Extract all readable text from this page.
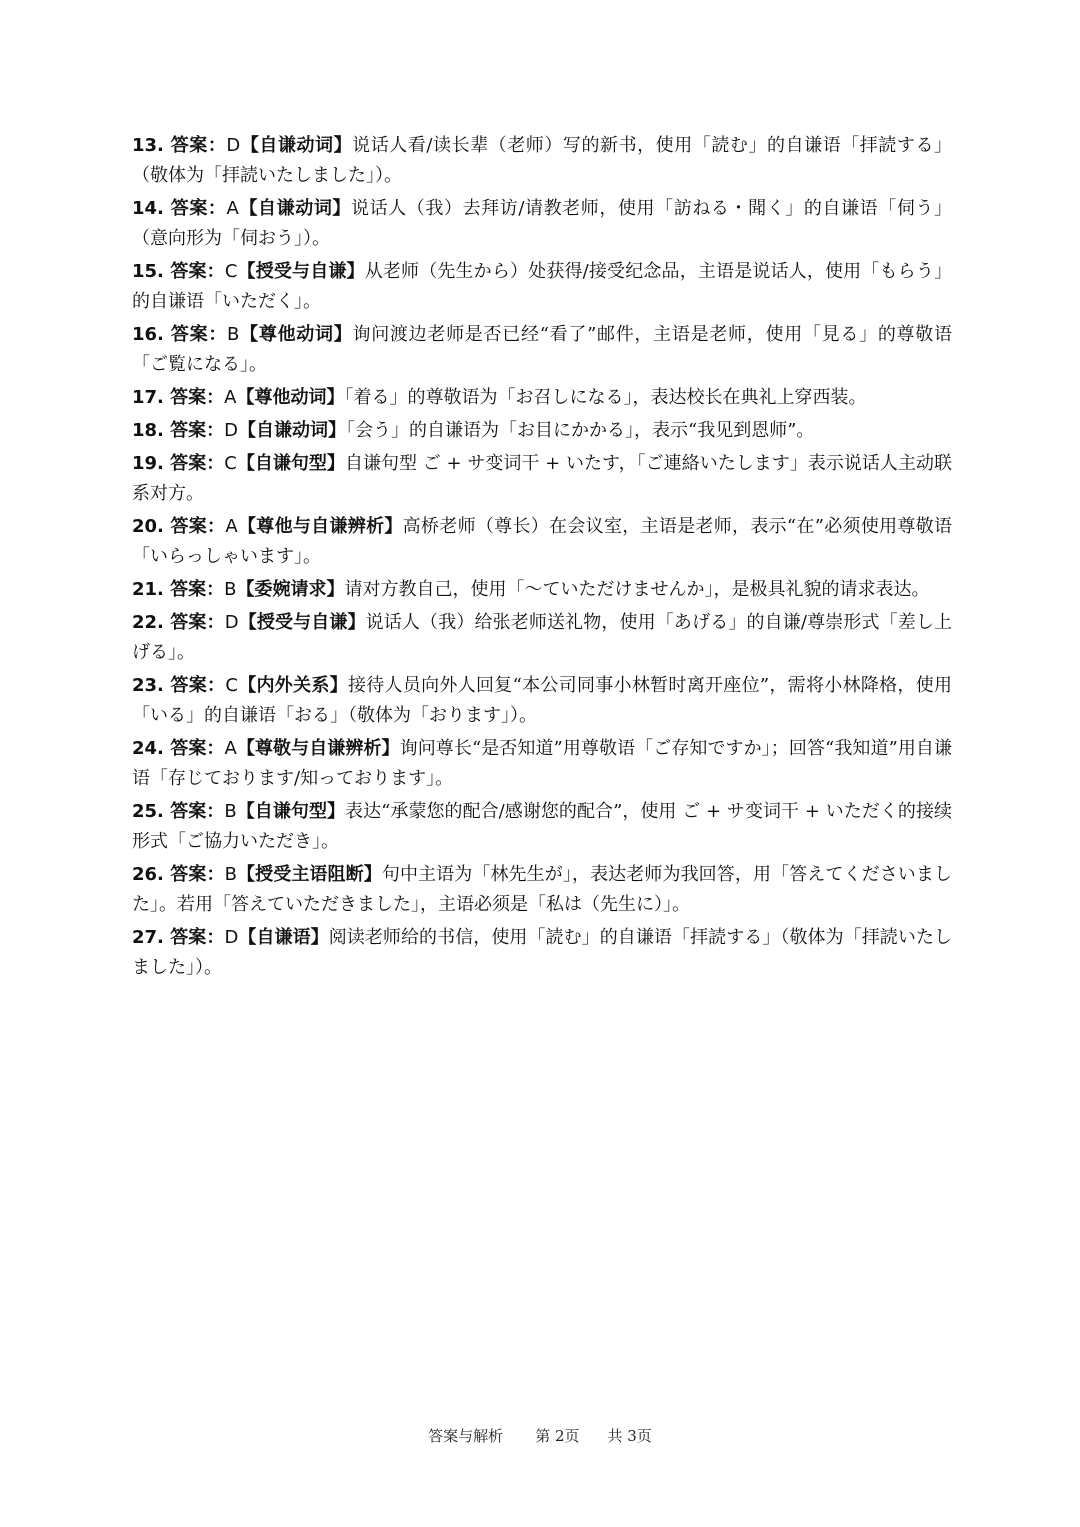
13. 答案：D【自谦动词】说话人看/读长辈（老师）写的新书，使用「読む」的自谦语「拝読する」（敬体为「拝読いたしました」）。
14. 答案：A【自谦动词】说话人（我）去拜访/请教老师，使用「訪ねる・聞く」的自谦语「伺う」（意向形为「伺おう」）。
15. 答案：C【授受与自谦】从老师（先生から）处获得/接受纪念品，主语是说话人，使用「もらう」的自谦语「いただく」。
16. 答案：B【尊他动词】询问渡边老师是否已经“看了”邮件，主语是老师，使用「見る」的尊敬语「ご覧になる」。
17. 答案：A【尊他动词】「着る」的尊敬语为「お召しになる」，表达校长在典礼上穿西装。
18. 答案：D【自谦动词】「会う」的自谦语为「お目にかかる」，表示“我见到恩师”。
19. 答案：C【自谦句型】自谦句型 ご + サ变词干 + いたす，「ご連絡いたします」表示说话人主动联系对方。
20. 答案：A【尊他与自谦辨析】高桥老师（尊长）在会议室，主语是老师，表示“在”必须使用尊敬语「いらっしゃいます」。
21. 答案：B【委婉请求】请对方教自己，使用「～ていただけませんか」，是极具礼貌的请求表达。
22. 答案：D【授受与自谦】说话人（我）给张老师送礼物，使用「あげる」的自谦/尊崇形式「差し上げる」。
23. 答案：C【内外关系】接待人员向外人回复“本公司同事小林暂时离开座位”，需将小林降格，使用「いる」的自谦语「おる」（敬体为「おります」）。
24. 答案：A【尊敬与自谦辨析】询问尊长“是否知道”用尊敬语「ご存知ですか」；回答“我知道”用自谦语「存じております/知っております」。
25. 答案：B【自谦句型】表达“承蒙您的配合/感谢您的配合”，使用 ご + サ变词干 + いただく的接续形式「ご協力いただき」。
26. 答案：B【授受主语阻断】句中主语为「林先生が」，表达老师为我回答，用「答えてくださいました」。若用「答えていただきました」，主语必须是「私は（先生に）」。
27. 答案：D【自谦语】阅读老师给的书信，使用「読む」的自谦语「拝読する」（敬体为「拝読いたしました」）。
答案与解析 第 2页 共 3页
